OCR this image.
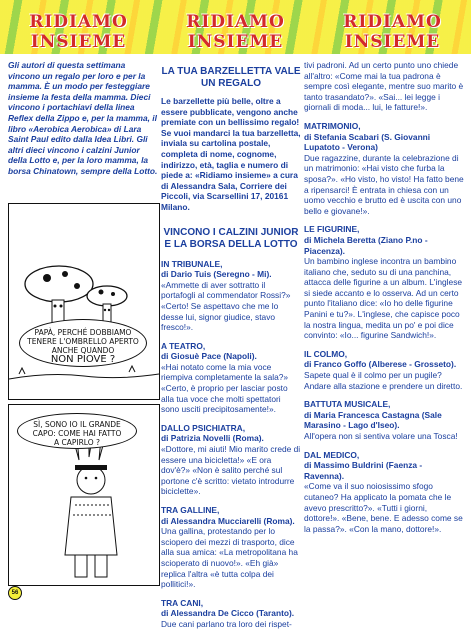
RIDIAMO INSIEME
RIDIAMO INSIEME
RIDIAMO INSIEME
Gli autori di questa settimana vincono un regalo per loro e per la mamma. È un modo per festeggiare insieme la festa della mamma. Dieci vincono i portachiavi della linea Reflex della Zippo e, per la mamma, il libro «Aerobica Aerobica» di Lara Saint Paul edito dalla Idea Libri. Gli altri dieci vincono i calzini Junior della Lotto e, per la loro mamma, la borsa Chinatown, sempre della Lotto.
PAPÀ, PERCHÉ DOBBIAMO TENERE L'OMBRELLO APERTO ANCHE QUANDO
NON PIOVE ?
SÌ, SONO IO IL GRANDE
CAPO: COME HAI FATTO
A CAPIRLO ?
56
LA TUA BARZELLETTA VALE UN REGALO
Le barzellette più belle, oltre a essere pubblicate, vengono anche premiate con un bellissimo regalo! Se vuoi mandarci la tua barzelletta, inviala su cartolina postale, completa di nome, cognome, indirizzo, età, taglia e numero di piede a: «Ridiamo insieme» a cura di Alessandra Sala, Corriere dei Piccoli, via Scarsellini 17, 20161 Milano.
VINCONO I CALZINI JUNIOR E LA BORSA DELLA LOTTO
IN TRIBUNALE,
di Dario Tuis (Seregno - Mi).
«Ammette di aver sottratto il portafogli al commendator Rossi?» «Certo! Se aspettavo che me lo desse lui, signor giudice, stavo fresco!».
A TEATRO,
di Giosuè Pace (Napoli).
«Hai notato come la mia voce riempiva completamente la sala?» «Certo, è proprio per lasciar posto alla tua voce che molti spettatori sono usciti precipitosamente!».
DALLO PSICHIATRA,
di Patrizia Novelli (Roma).
«Dottore, mi aiuti! Mio marito crede di essere una bicicletta!» «E ora dov'è?» «Non è salito perché sul portone c'è scritto: vietato introdurre biciclette».
TRA GALLINE,
di Alessandra Mucciarelli (Roma).
Una gallina, protestando per lo sciopero dei mezzi di trasporto, dice alla sua amica: «La metropolitana ha scioperato di nuovo!». «Eh già» replica l'altra «è tutta colpa dei pollitici!».
TRA CANI,
di Alessandra De Cicco (Taranto).
Due cani parlano tra loro dei rispet-
tivi padroni. Ad un certo punto uno chiede all'altro: «Come mai la tua padrona è sempre così elegante, mentre suo marito è tanto trasandato?». «Sai... lei legge i giornali di moda... lui, le fatture!».
MATRIMONIO,
di Stefania Scabari (S. Giovanni Lupatoto - Verona)
Due ragazzine, durante la celebrazione di un matrimonio: «Hai visto che furba la sposa?». «Ho visto, ho visto! Ha fatto bene a ripensarci! È entrata in chiesa con un uomo vecchio e brutto ed è uscita con uno bello e giovane!».
LE FIGURINE,
di Michela Beretta (Ziano P.no - Piacenza).
Un bambino inglese incontra un bambino italiano che, seduto su di una panchina, attacca delle figurine a un album. L'inglese si siede accanto e lo osserva. Ad un certo punto l'italiano dice: «Io ho delle figurine Panini e tu?». L'inglese, che capisce poco la nostra lingua, medita un po' e poi dice convinto: «Io... figurine Sandwich!».
IL COLMO,
di Franco Goffo (Alberese - Grosseto).
Sapete qual è il colmo per un pugile? Andare alla stazione e prendere un diretto.
BATTUTA MUSICALE,
di Maria Francesca Castagna (Sale Marasino - Lago d'Iseo).
All'opera non si sentiva volare una Tosca!
DAL MEDICO,
di Massimo Buldrini (Faenza - Ravenna).
«Come va il suo noiosissimo sfogo cutaneo? Ha applicato la pomata che le avevo prescritto?». «Tutti i giorni, dottore!». «Bene, bene. E adesso come se la passa?». «Con la mano, dottore!».
